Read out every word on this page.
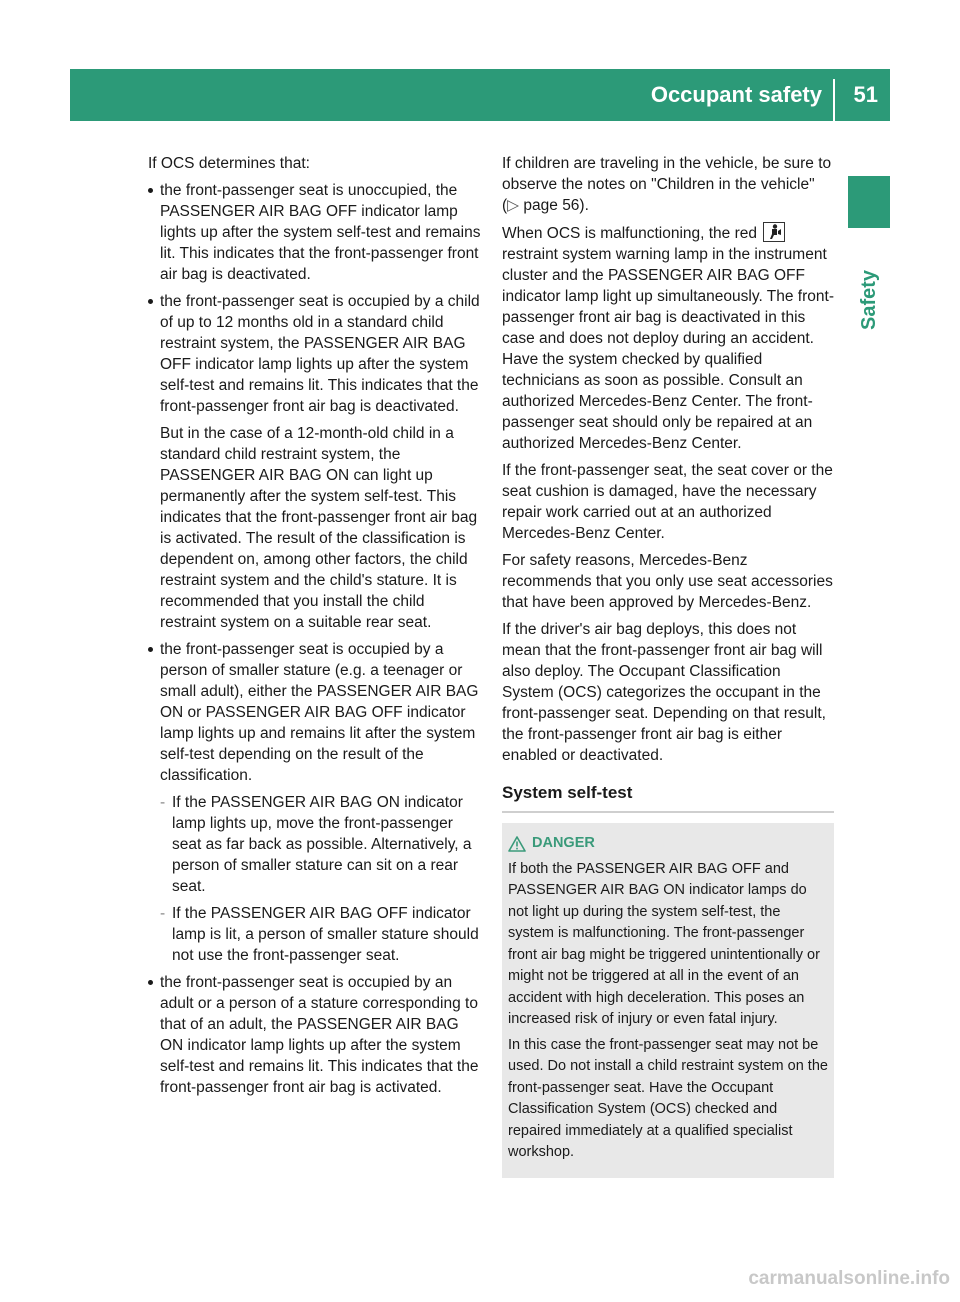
Occupant safety 51
Safety

If OCS determines that:

the front-passenger seat is unoccupied, the PASSENGER AIR BAG OFF indicator lamp lights up after the system self-test and remains lit. This indicates that the front-passenger front air bag is deactivated.
the front-passenger seat is occupied by a child of up to 12 months old in a standard child restraint system, the PASSENGER AIR BAG OFF indicator lamp lights up after the system self-test and remains lit. This indicates that the front-passenger front air bag is deactivated.
But in the case of a 12-month-old child in a standard child restraint system, the PASSENGER AIR BAG ON can light up permanently after the system self-test. This indicates that the front-passenger front air bag is activated. The result of the classification is dependent on, among other factors, the child restraint system and the child's stature. It is recommended that you install the child restraint system on a suitable rear seat.
the front-passenger seat is occupied by a person of smaller stature (e.g. a teenager or small adult), either the PASSENGER AIR BAG ON or PASSENGER AIR BAG OFF indicator lamp lights up and remains lit after the system self-test depending on the result of the classification.
- If the PASSENGER AIR BAG ON indicator lamp lights up, move the front-passenger seat as far back as possible. Alternatively, a person of smaller stature can sit on a rear seat.
- If the PASSENGER AIR BAG OFF indicator lamp is lit, a person of smaller stature should not use the front-passenger seat.
the front-passenger seat is occupied by an adult or a person of a stature corresponding to that of an adult, the PASSENGER AIR BAG ON indicator lamp lights up after the system self-test and remains lit. This indicates that the front-passenger front air bag is activated.

If children are traveling in the vehicle, be sure to observe the notes on "Children in the vehicle" (▷ page 56).

When OCS is malfunctioning, the red  restraint system warning lamp in the instrument cluster and the PASSENGER AIR BAG OFF indicator lamp light up simultaneously. The front-passenger front air bag is deactivated in this case and does not deploy during an accident. Have the system checked by qualified technicians as soon as possible. Consult an authorized Mercedes-Benz Center. The front-passenger seat should only be repaired at an authorized Mercedes-Benz Center.

If the front-passenger seat, the seat cover or the seat cushion is damaged, have the necessary repair work carried out at an authorized Mercedes-Benz Center.

For safety reasons, Mercedes-Benz recommends that you only use seat accessories that have been approved by Mercedes-Benz.

If the driver's air bag deploys, this does not mean that the front-passenger front air bag will also deploy. The Occupant Classification System (OCS) categorizes the occupant in the front-passenger seat. Depending on that result, the front-passenger front air bag is either enabled or deactivated.

System self-test
DANGER

If both the PASSENGER AIR BAG OFF and PASSENGER AIR BAG ON indicator lamps do not light up during the system self-test, the system is malfunctioning. The front-passenger front air bag might be triggered unintentionally or might not be triggered at all in the event of an accident with high deceleration. This poses an increased risk of injury or even fatal injury.

In this case the front-passenger seat may not be used. Do not install a child restraint system on the front-passenger seat. Have the Occupant Classification System (OCS) checked and repaired immediately at a qualified specialist workshop.

carmanualsonline.info
